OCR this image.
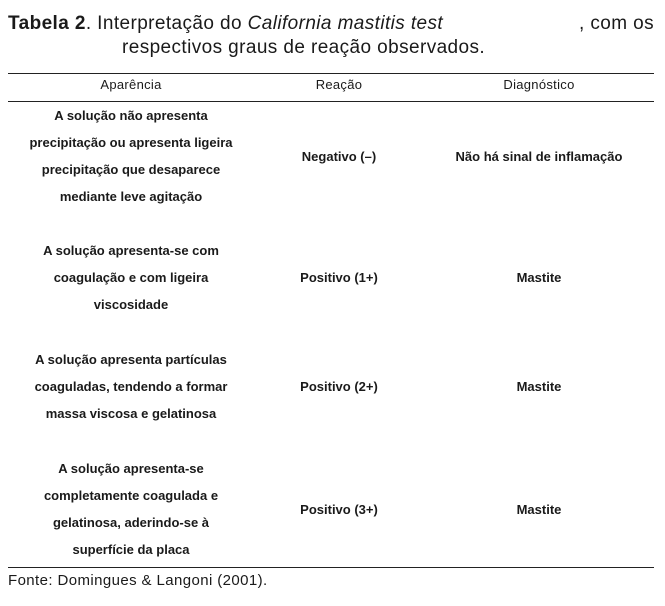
Tabela 2. Interpretação do California mastitis test	, com os
respectivos graus de reação observados.
Aparência	Reação	Diagnóstico
A solução não apresenta
precipitação ou apresenta ligeira
precipitação que desaparece
mediante leve agitação
Negativo (–)	Não há sinal de inflamação
A solução apresenta-se com
coagulação e com ligeira
viscosidade
Positivo (1+)	Mastite
A solução apresenta partículas
coaguladas, tendendo a formar
massa viscosa e gelatinosa
Positivo (2+)	Mastite
A solução apresenta-se
completamente coagulada e
gelatinosa, aderindo-se à
superfície da placa
Positivo (3+)	Mastite
Fonte: Domingues & Langoni (2001).
